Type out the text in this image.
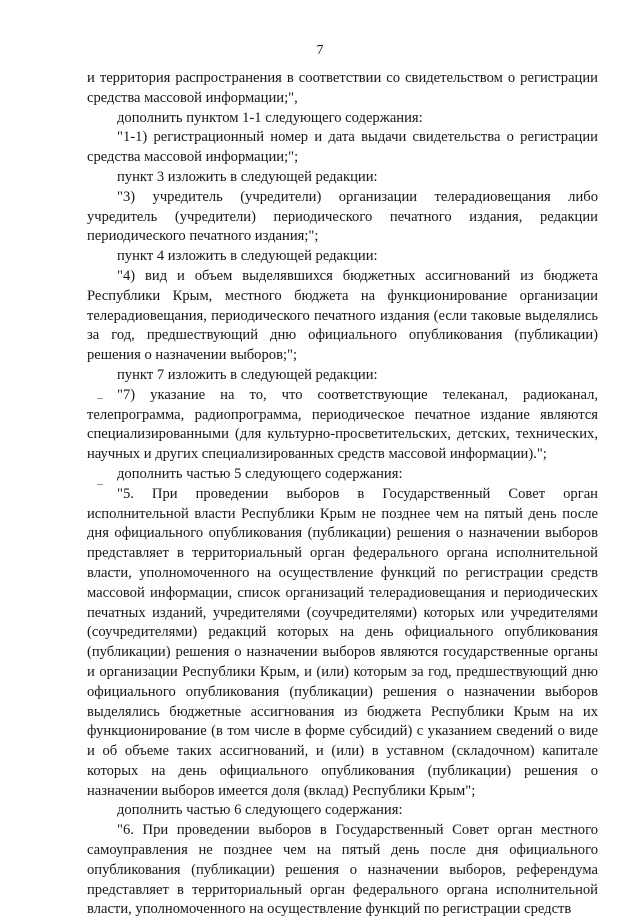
7

и территория распространения в соответствии со свидетельством о регистрации средства массовой информации;",

дополнить пунктом 1-1 следующего содержания:

"1-1) регистрационный номер и дата выдачи свидетельства о регистрации средства массовой информации;";

пункт 3 изложить в следующей редакции:

"3) учредитель (учредители) организации телерадиовещания либо учредитель (учредители) периодического печатного издания, редакции периодического печатного издания;";

пункт 4 изложить в следующей редакции:

"4) вид и объем выделявшихся бюджетных ассигнований из бюджета Республики Крым, местного бюджета на функционирование организации телерадиовещания, периодического печатного издания (если таковые выделялись за год, предшествующий дню официального опубликования (публикации) решения о назначении выборов;";

пункт 7 изложить в следующей редакции:

"7) указание на то, что соответствующие телеканал, радиоканал, телепрограмма, радиопрограмма, периодическое печатное издание являются специализированными (для культурно-просветительских, детских, технических, научных и других специализированных средств массовой информации).";

дополнить частью 5 следующего содержания:

"5. При проведении выборов в Государственный Совет орган исполнительной власти Республики Крым не позднее чем на пятый день после дня официального опубликования (публикации) решения о назначении выборов представляет в территориальный орган федерального органа исполнительной власти, уполномоченного на осуществление функций по регистрации средств массовой информации, список организаций телерадиовещания и периодических печатных изданий, учредителями (соучредителями) которых или учредителями (соучредителями) редакций которых на день официального опубликования (публикации) решения о назначении выборов являются государственные органы и организации Республики Крым, и (или) которым за год, предшествующий дню официального опубликования (публикации) решения о назначении выборов выделялись бюджетные ассигнования из бюджета Республики Крым на их функционирование (в том числе в форме субсидий) с указанием сведений о виде и об объеме таких ассигнований, и (или) в уставном (складочном) капитале которых на день официального опубликования (публикации) решения о назначении выборов имеется доля (вклад) Республики Крым";

дополнить частью 6 следующего содержания:

"6. При проведении выборов в Государственный Совет орган местного самоуправления не позднее чем на пятый день после дня официального опубликования (публикации) решения о назначении выборов, референдума представляет в территориальный орган федерального органа исполнительной власти, уполномоченного на осуществление функций по регистрации средств
